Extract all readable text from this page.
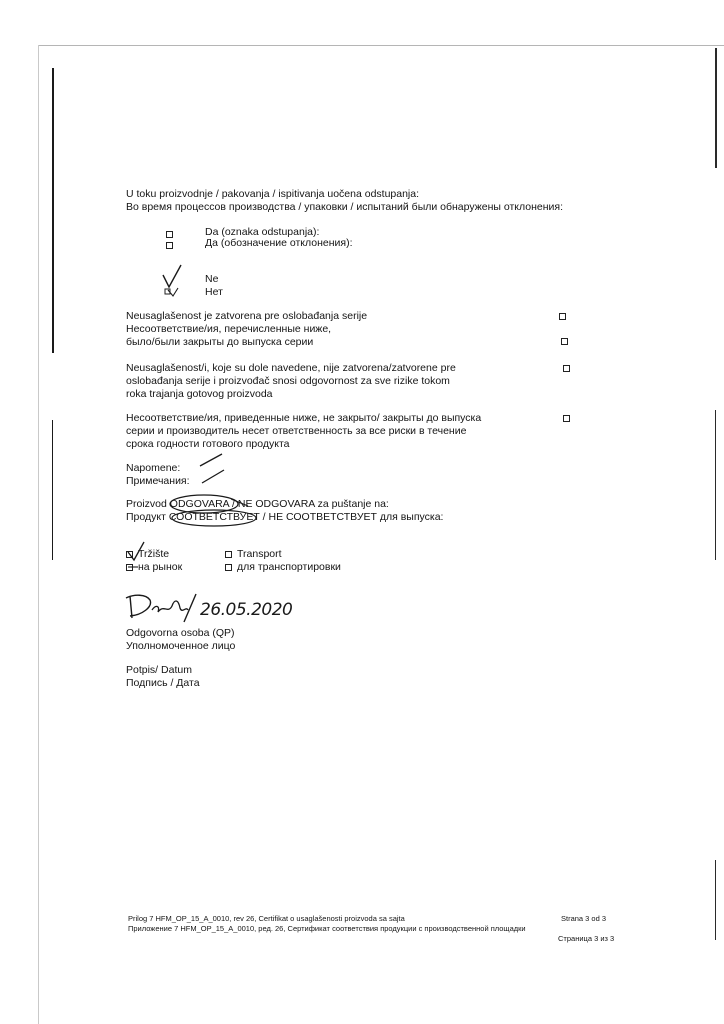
U toku proizvodnje / pakovanja / ispitivanja uočena odstupanja:
Во время процессов производства / упаковки / испытаний были обнаружены отклонения:
Da (oznaka odstupanja):
Да (обозначение отклонения):
Ne
Нет
Neusaglašenost je zatvorena pre oslobađanja serije
Несоответствие/ия, перечисленные ниже,
было/были закрыты до выпуска серии
Neusaglašenost/i, koje su dole navedene, nije zatvorena/zatvorene pre
oslobađanja serije i proizvođač snosi odgovornost za sve rizike tokom
roka trajanja gotovog proizvoda
Несоответствие/ия, приведенные ниже, не закрыто/ закрыты до выпуска
серии и производитель несет ответственность за все риски в течение
срока годности готового продукта
Napomene:
Примечания:
Proizvod ODGOVARA / NE ODGOVARA za puštanje na:
Продукт СООТВЕТСТВУЕТ / НЕ СООТВЕТСТВУЕТ для выпуска:
Tržište
на рынок
Transport
для транспортировки
26.05.2020
Odgovorna osoba (QP)
Уполномоченное лицо
Potpis/ Datum
Подпись / Дата
Prilog 7 HFM_OP_15_A_0010, rev 26, Certifikat o usaglašenosti proizvoda sa sajta	Strana 3 od 3
Приложение 7 HFM_OP_15_A_0010, ред. 26, Сертификат соответствия продукции с производственной площадки
Страница 3 из 3
